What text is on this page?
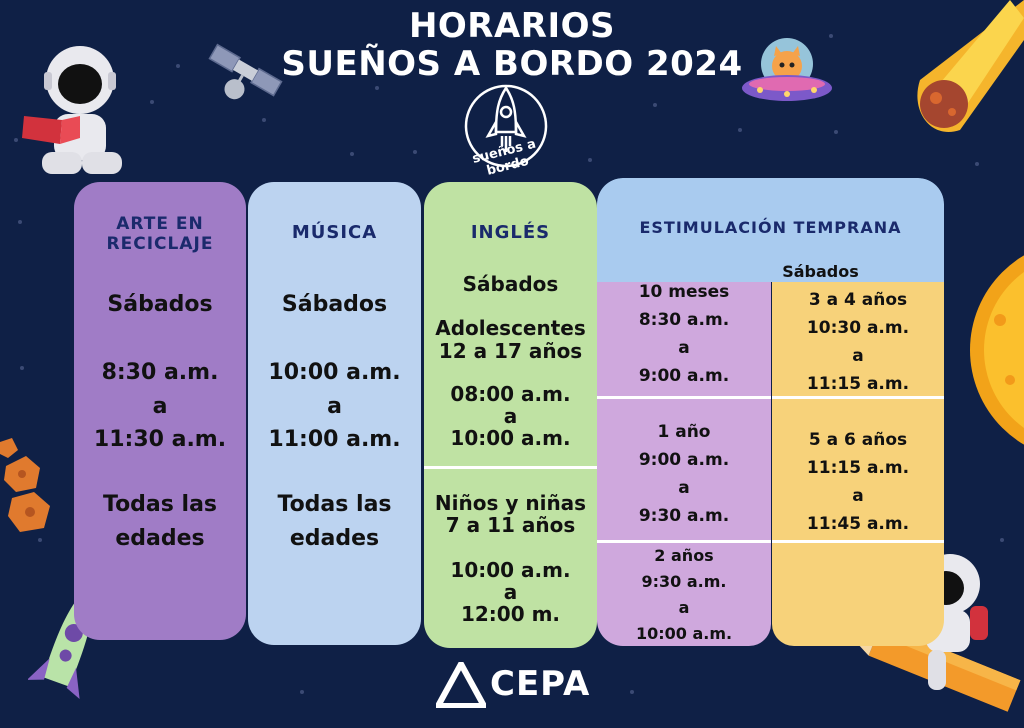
HORARIOS
SUEÑOS A BORDO 2024
sueños a bordo
ARTE EN
RECICLAJE
Sábados
8:30 a.m.
a
11:30 a.m.
Todas las
edades
MÚSICA
Sábados
10:00 a.m.
a
11:00 a.m.
Todas las
edades
INGLÉS
Sábados
Adolescentes
12 a 17 años
08:00 a.m.
a
10:00 a.m.
Niños y niñas
7 a 11 años
10:00 a.m.
a
12:00 m.
ESTIMULACIÓN TEMPRANA
Sábados
10 meses
8:30 a.m.
a
9:00 a.m.
1 año
9:00 a.m.
a
9:30 a.m.
2 años
9:30 a.m.
a
10:00 a.m.
3 a 4 años
10:30 a.m.
a
11:15 a.m.
5 a 6 años
11:15 a.m.
a
11:45 a.m.
CEPA
